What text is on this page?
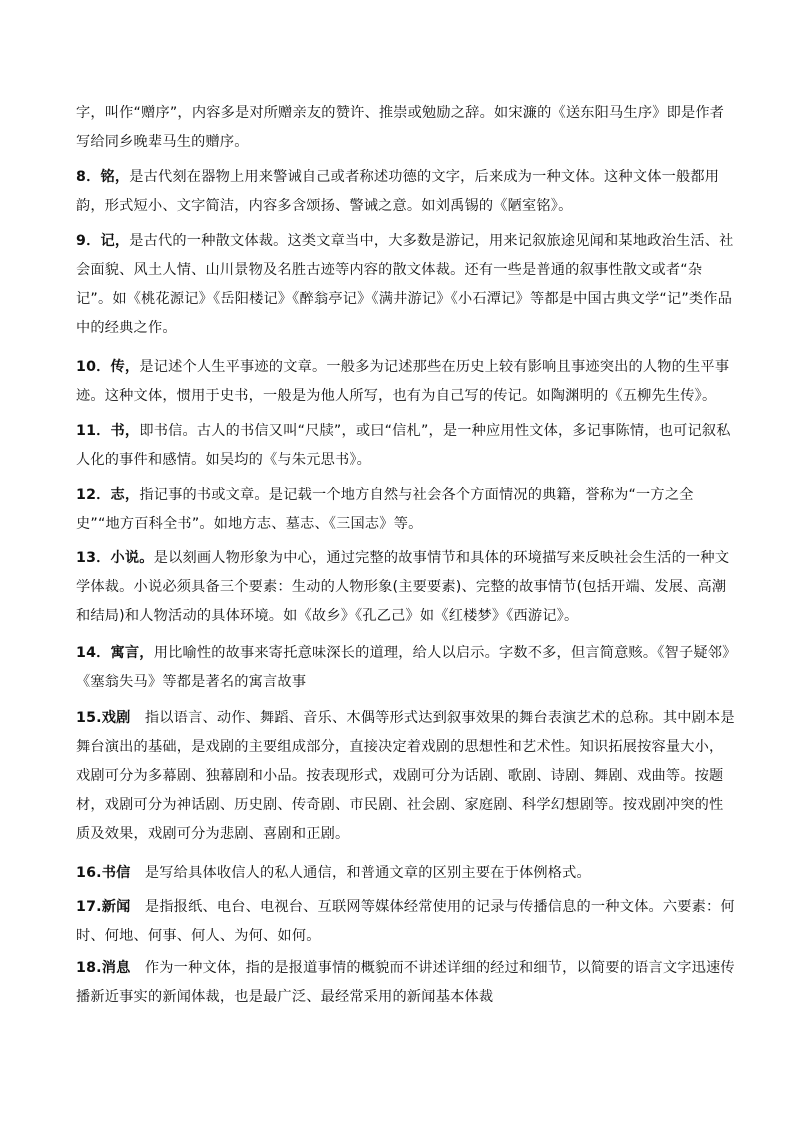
字，叫作“赠序”，内容多是对所赠亲友的赞许、推崇或勉励之辞。如宋濂的《送东阳马生序》即是作者写给同乡晚辈马生的赠序。
8．铭，是古代刻在器物上用来警诫自己或者称述功德的文字，后来成为一种文体。这种文体一般都用韵，形式短小、文字简洁，内容多含颂扬、警诫之意。如刘禹锡的《陋室铭》。
9．记，是古代的一种散文体裁。这类文章当中，大多数是游记，用来记叙旅途见闻和某地政治生活、社会面貌、风土人情、山川景物及名胜古迹等内容的散文体裁。还有一些是普通的叙事性散文或者“杂记”。如《桃花源记》《岳阳楼记》《醉翁亭记》《满井游记》《小石潭记》等都是中国古典文学“记”类作品中的经典之作。
10．传，是记述个人生平事迹的文章。一般多为记述那些在历史上较有影响且事迹突出的人物的生平事迹。这种文体，惯用于史书，一般是为他人所写，也有为自己写的传记。如陶渊明的《五柳先生传》。
11．书，即书信。古人的书信又叫“尺牍”，或曰“信札”，是一种应用性文体，多记事陈情，也可记叙私人化的事件和感情。如吴均的《与朱元思书》。
12．志，指记事的书或文章。是记载一个地方自然与社会各个方面情况的典籍，誉称为“一方之全史”“地方百科全书”。如地方志、墓志、《三国志》等。
13．小说。是以刻画人物形象为中心，通过完整的故事情节和具体的环境描写来反映社会生活的一种文学体裁。小说必须具备三个要素：生动的人物形象(主要要素)、完整的故事情节(包括开端、发展、高潮和结局)和人物活动的具体环境。如《故乡》《孔乙己》如《红楼梦》《西游记》。
14．寓言，用比喻性的故事来寄托意味深长的道理，给人以启示。字数不多，但言简意赅。《智子疑邻》《塞翁失马》等都是著名的寓言故事
15.戏剧　指以语言、动作、舞蹈、音乐、木偶等形式达到叙事效果的舞台表演艺术的总称。其中剧本是舞台演出的基础，是戏剧的主要组成部分，直接决定着戏剧的思想性和艺术性。知识拓展按容量大小，戏剧可分为多幕剧、独幕剧和小品。按表现形式，戏剧可分为话剧、歌剧、诗剧、舞剧、戏曲等。按题材，戏剧可分为神话剧、历史剧、传奇剧、市民剧、社会剧、家庭剧、科学幻想剧等。按戏剧冲突的性质及效果，戏剧可分为悲剧、喜剧和正剧。
16.书信　是写给具体收信人的私人通信，和普通文章的区别主要在于体例格式。
17.新闻　是指报纸、电台、电视台、互联网等媒体经常使用的记录与传播信息的一种文体。六要素：何时、何地、何事、何人、为何、如何。
18.消息　作为一种文体，指的是报道事情的概貌而不讲述详细的经过和细节，以简要的语言文字迅速传播新近事实的新闻体裁，也是最广泛、最经常采用的新闻基本体裁
